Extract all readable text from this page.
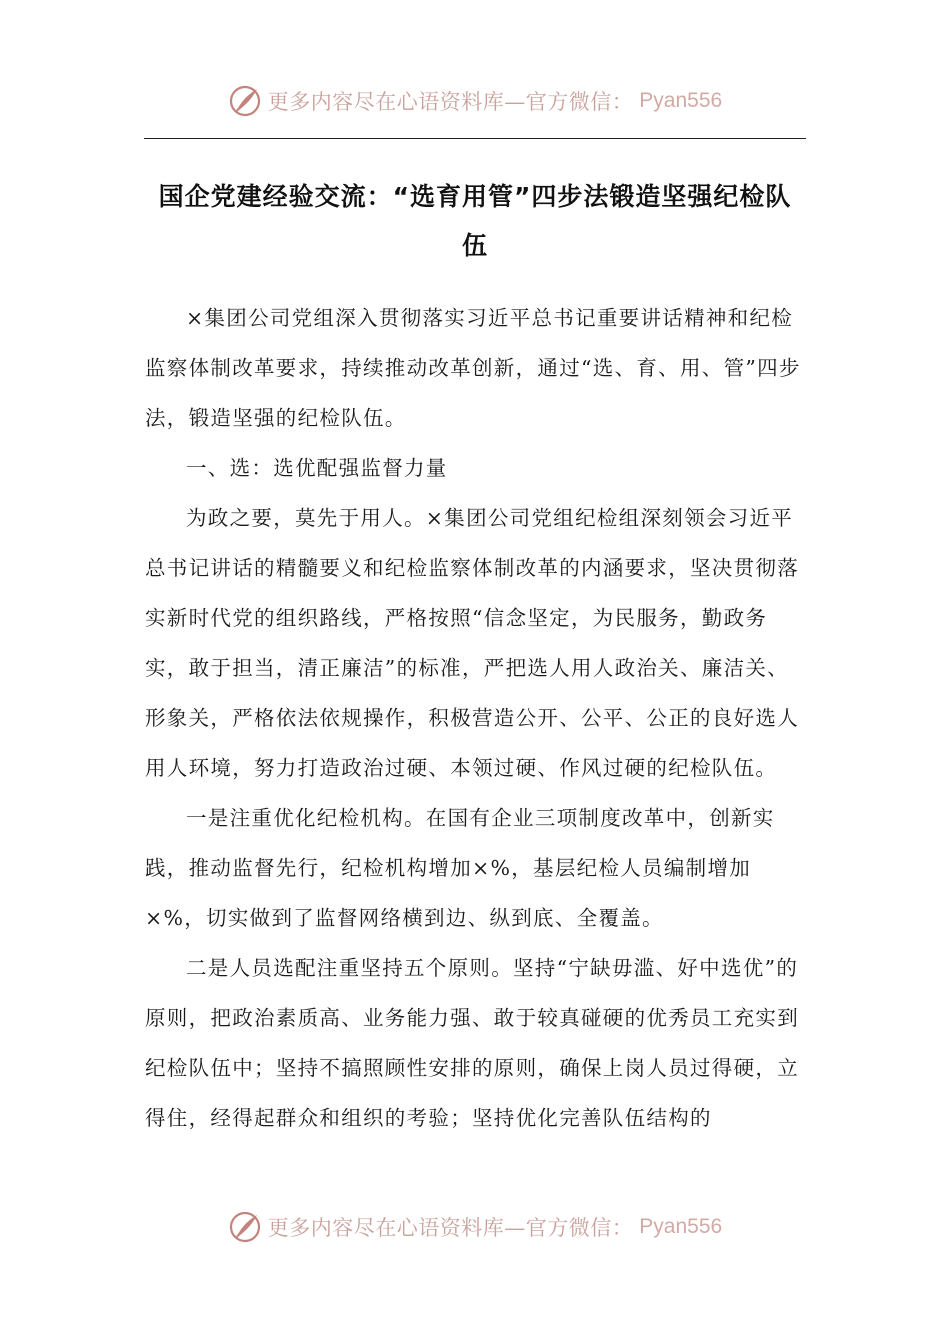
更多内容尽在心语资料库—官方微信： Pyan556
国企党建经验交流：“选育用管”四步法锻造坚强纪检队伍

×集团公司党组深入贯彻落实习近平总书记重要讲话精神和纪检监察体制改革要求，持续推动改革创新，通过“选、育、用、管”四步法，锻造坚强的纪检队伍。

一、选：选优配强监督力量

为政之要，莫先于用人。×集团公司党组纪检组深刻领会习近平总书记讲话的精髓要义和纪检监察体制改革的内涵要求，坚决贯彻落实新时代党的组织路线，严格按照“信念坚定，为民服务，勤政务实，敢于担当，清正廉洁”的标准，严把选人用人政治关、廉洁关、形象关，严格依法依规操作，积极营造公开、公平、公正的良好选人用人环境，努力打造政治过硬、本领过硬、作风过硬的纪检队伍。

一是注重优化纪检机构。在国有企业三项制度改革中，创新实践，推动监督先行，纪检机构增加×%，基层纪检人员编制增加×%，切实做到了监督网络横到边、纵到底、全覆盖。

二是人员选配注重坚持五个原则。坚持“宁缺毋滥、好中选优”的原则，把政治素质高、业务能力强、敢于较真碰硬的优秀员工充实到纪检队伍中；坚持不搞照顾性安排的原则，确保上岗人员过得硬，立得住，经得起群众和组织的考验；坚持优化完善队伍结构的

更多内容尽在心语资料库—官方微信： Pyan556
